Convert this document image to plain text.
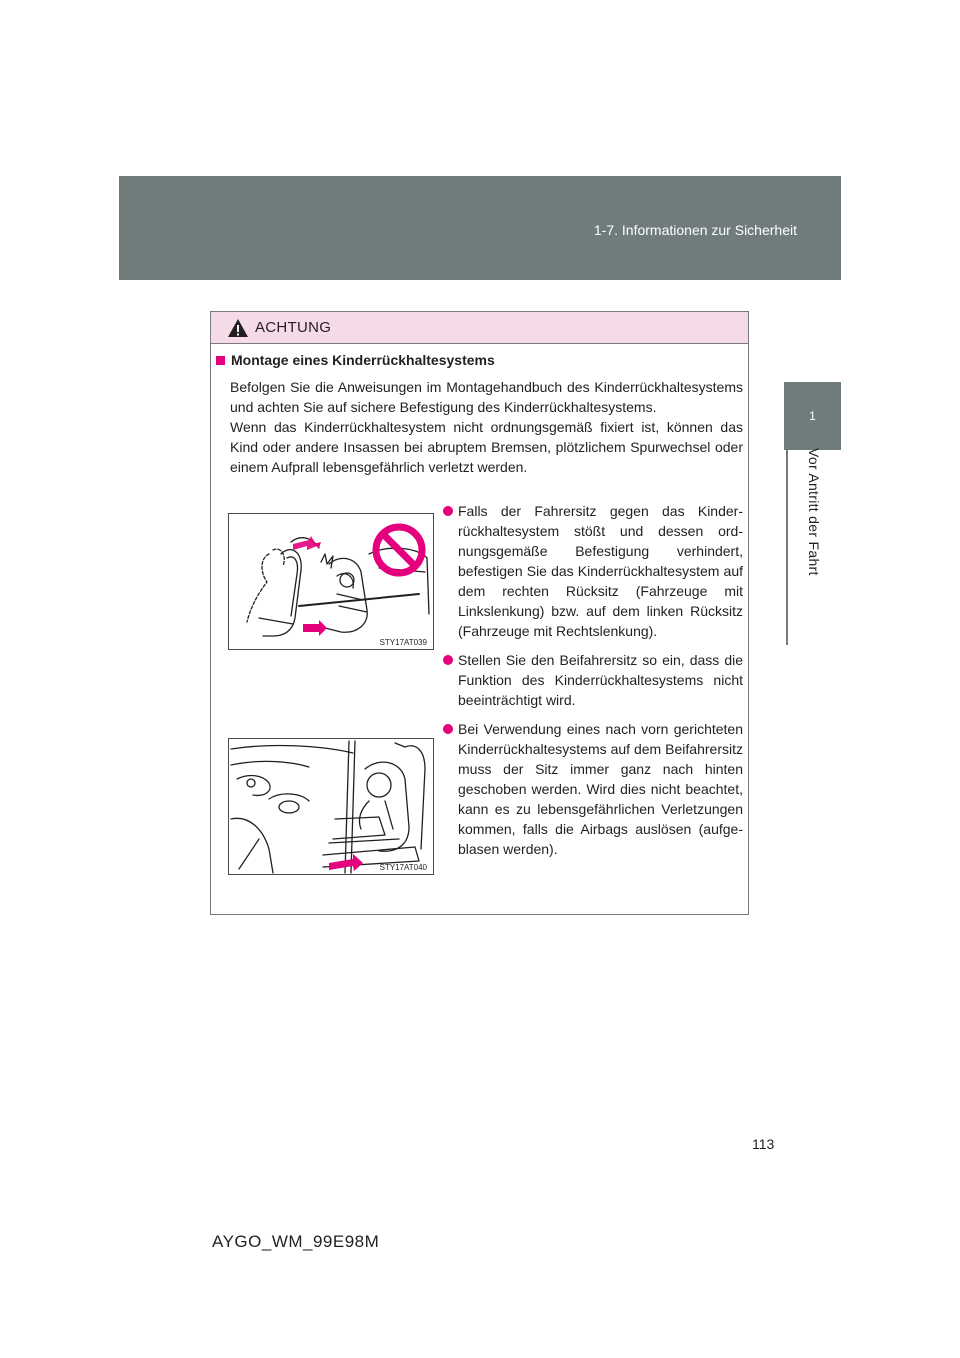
1-7. Informationen zur Sicherheit
1
Vor Antritt der Fahrt
ACHTUNG
Montage eines Kinderrückhaltesystems

Befolgen Sie die Anweisungen im Montagehandbuch des Kinderrückhaltesystems und achten Sie auf sichere Befestigung des Kinderrückhaltesystems.

Wenn das Kinderrückhaltesystem nicht ordnungsgemäß fixiert ist, können das Kind oder andere Insassen bei abruptem Bremsen, plötzlichem Spurwechsel oder einem Aufprall lebensgefährlich verletzt werden.

STY17AT039
STY17AT040
Falls der Fahrersitz gegen das Kinderrückhaltesystem stößt und dessen ordnungsgemäße Befestigung verhindert, befestigen Sie das Kinderrückhaltesystem auf dem rechten Rücksitz (Fahrzeuge mit Linkslenkung) bzw. auf dem linken Rücksitz (Fahrzeuge mit Rechtslenkung).
Stellen Sie den Beifahrersitz so ein, dass die Funktion des Kinderrückhaltesystems nicht beeinträchtigt wird.
Bei Verwendung eines nach vorn gerichteten Kinderrückhaltesystems auf dem Beifahrersitz muss der Sitz immer ganz nach hinten geschoben werden. Wird dies nicht beachtet, kann es zu lebensgefährlichen Verletzungen kommen, falls die Airbags auslösen (aufgeblasen werden).
113
AYGO_WM_99E98M
